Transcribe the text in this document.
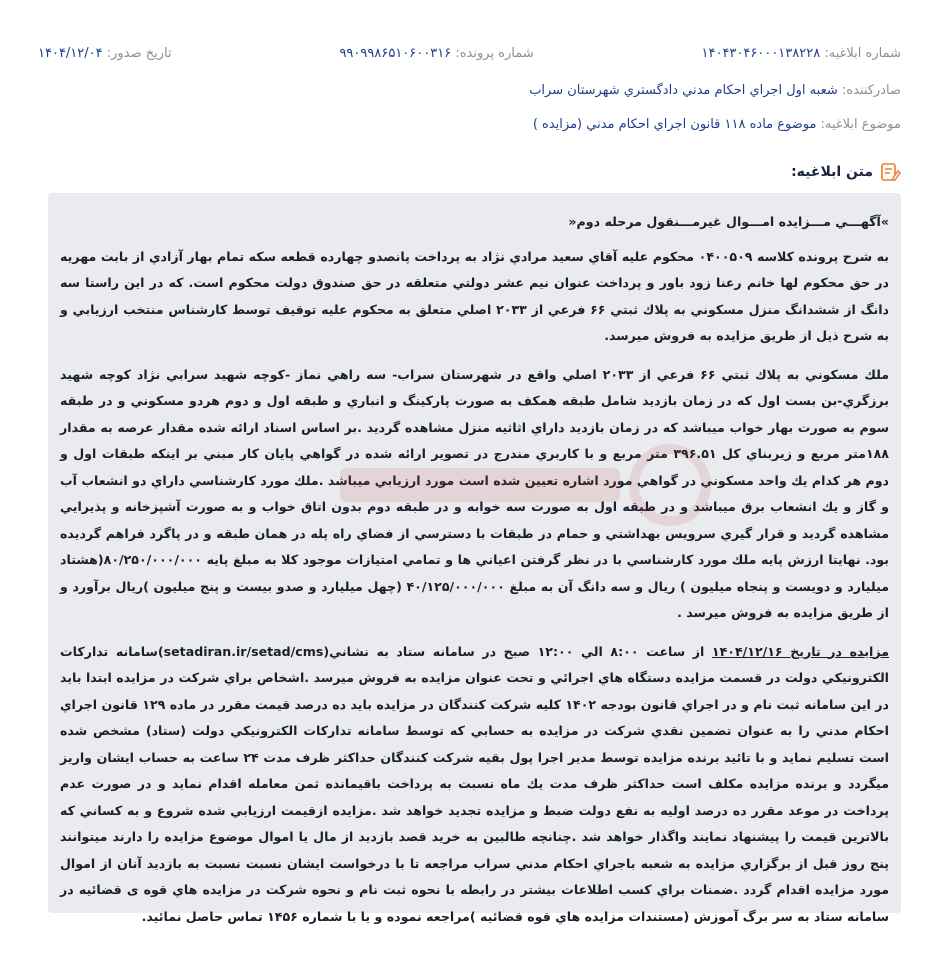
شماره ابلاغیه: ۱۴۰۴۳۰۴۶۰۰۰۱۳۸۲۲۸
شماره پرونده: ۹۹۰۹۹۸۶۵۱۰۶۰۰۳۱۶
تاریخ صدور: ۱۴۰۴/۱۲/۰۴
صادرکننده: شعبه اول اجراي احكام مدني دادگستري شهرستان سراب
موضوع ابلاغیه: موضوع ماده ۱۱۸ قانون اجراي احكام مدني (مزايده )
متن ابلاغیه:

»آگهـــي مـــزايده امـــوال غيرمـــنقول مرحله دوم«

به شرح پرونده كلاسه ۰۴۰۰۵۰۹ محكوم عليه آقاي سعيد مرادي نژاد به پرداخت پانصدو چهارده قطعه سكه تمام بهار آزادي از بابت مهريه در حق محكوم لها خانم رعنا زود باور و پرداخت عنوان نيم عشر دولتي متعلقه در حق صندوق دولت محكوم است. كه در اين راستا سه دانگ از ششدانگ منزل مسكوني به پلاك ثبتي ۶۶ فرعي از ۲۰۳۳ اصلي متعلق به محكوم عليه توقيف توسط كارشناس منتخب ارزيابي و به شرح ذيل از طريق مزايده به فروش ميرسد.

ملك مسكوني به پلاك ثبتي ۶۶ فرعي از ۲۰۳۳ اصلي واقع در شهرستان سراب- سه راهي نماز -كوچه شهيد سرابي نژاد كوچه شهيد برزگري-بن بست اول كه در زمان بازديد شامل طبقه همكف به صورت پاركينگ و انباري و طبقه اول و دوم هردو مسكوني و در طبقه سوم به صورت بهار خواب ميباشد كه در زمان بازديد داراي اثاثيه منزل مشاهده گرديد .بر اساس اسناد ارائه شده مقدار عرصه به مقدار ۱۸۸متر مربع و زيربناي كل ۳۹۶.۵۱ متر مربع و با كاربري مندرج در تصوير ارائه شده در گواهي پايان كار مبني بر اينكه طبقات اول و دوم هر كدام يك واحد مسكوني در گواهي مورد اشاره تعيين شده است مورد ارزيابي ميباشد .ملك مورد كارشناسي داراي دو انشعاب آب و گاز و يك انشعاب برق ميباشد و در طبقه اول به صورت سه خوابه و در طبقه دوم بدون اتاق خواب و به صورت آشپزخانه و پذيرايي مشاهده گرديد و قرار گيري سرويس بهداشتي و حمام در طبقات با دسترسي از فضاي راه پله در همان طبقه و در پاگرد فراهم گرديده بود. نهايتا ارزش پايه ملك مورد كارشناسي با در نظر گرفتن اعياني ها و تمامي امتيازات موجود كلا به مبلغ پايه ۸۰/۲۵۰/۰۰۰/۰۰۰(هشتاد ميليارد و دويست و پنجاه ميليون ) ريال و سه دانگ آن به مبلغ ۴۰/۱۲۵/۰۰۰/۰۰۰ (چهل ميليارد و صدو بيست و پنج ميليون )ريال برآورد و از طريق مزايده به فروش ميرسد .

مزايده در تاريخ ۱۴۰۴/۱۲/۱۶ از ساعت ۸:۰۰ الي ۱۲:۰۰ صبح در سامانه ستاد به نشاني(setadiran.ir/setad/cms)سامانه تداركات الكترونيكي دولت در قسمت مزايده دستگاه هاي اجرائي و تحت عنوان مزايده به فروش ميرسد .اشخاص براي شركت در مزايده ابتدا بايد در اين سامانه ثبت نام و در اجراي قانون بودجه ۱۴۰۲ كليه شركت كنندگان در مزايده بايد ده درصد قيمت مقرر در ماده ۱۲۹ قانون اجراي احكام مدني را به عنوان تضمين نقدي شركت در مزايده به حسابي كه توسط سامانه تداركات الكترونيكي دولت (ستاد) مشخص شده است تسليم نمايد و با تائيد برنده مزايده توسط مدير اجرا پول بقيه شركت كنندگان حداكثر ظرف مدت ۲۴ ساعت به حساب ايشان واريز ميگردد و برنده مزايده مكلف است حداكثر ظرف مدت يك ماه نسبت به پرداخت باقيمانده ثمن معامله اقدام نمايد و در صورت عدم پرداخت در موعد مقرر ده درصد اوليه به نفع دولت ضبط و مزايده تجديد خواهد شد .مزايده ازقيمت ارزيابي شده شروع و به كساني كه بالاترين قيمت را پيشنهاد نمايند واگذار خواهد شد .چنانچه طالبين به خريد قصد بازديد از مال يا اموال موضوع مزايده را دارند ميتوانند پنج روز قبل از برگزاري مزايده به شعبه باجراي احكام مدني سراب مراجعه تا با درخواست ايشان نسبت نسبت به بازديد آنان از اموال مورد مزايده اقدام گردد .ضمنات براي كسب اطلاعات بيشتر در رابطه با نحوه ثبت نام و نحوه شركت در مزايده هاي قوه ی قضائيه در سامانه ستاد به سر برگ آموزش (مستندات مزايده هاي قوه قضائيه )مراجعه نموده و يا با شماره ۱۴۵۶ تماس حاصل نمائيد.
